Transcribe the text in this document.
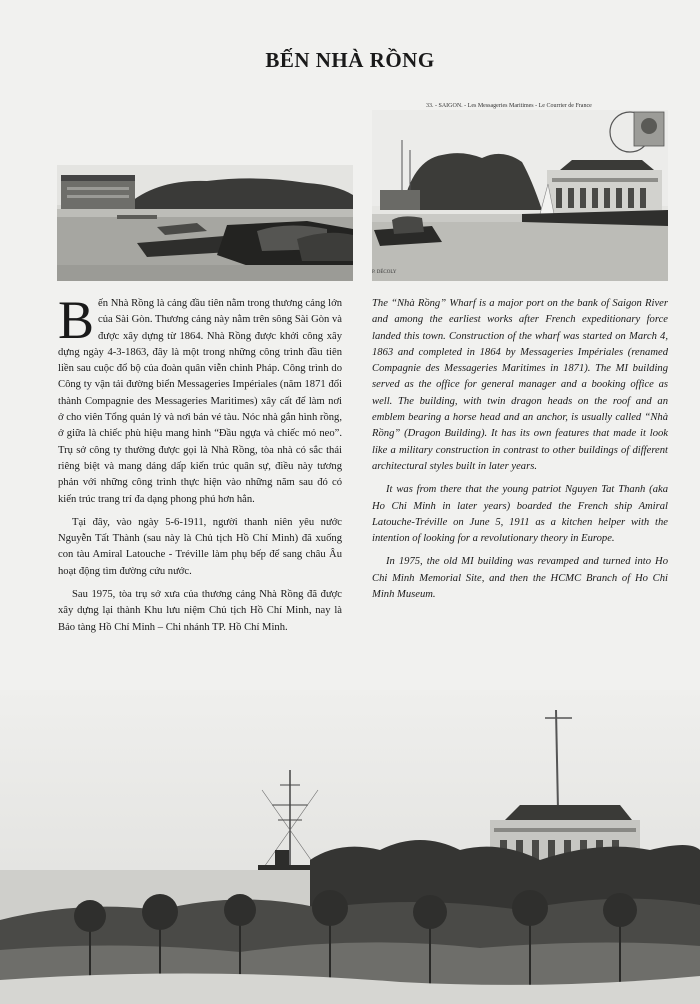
BẾN NHÀ RỒNG
33. - SAIGON. - Les Messageries Maritimes - Le Courrier de France
P. DÉCOLY

Bến Nhà Rồng là cảng đầu tiên nằm trong thương cảng lớn của Sài Gòn. Thương cảng này nằm trên sông Sài Gòn và được xây dựng từ 1864. Nhà Rồng được khởi công xây dựng ngày 4-3-1863, đây là một trong những công trình đầu tiên liền sau cuộc đổ bộ của đoàn quân viễn chinh Pháp. Công trình do Công ty vận tải đường biển Messageries Impériales (năm 1871 đổi thành Compagnie des Messageries Maritimes) xây cất để làm nơi ở cho viên Tổng quản lý và nơi bán vé tàu. Nóc nhà gắn hình rồng, ở giữa là chiếc phù hiệu mang hình “Đầu ngựa và chiếc mỏ neo”. Trụ sở công ty thường được gọi là Nhà Rồng, tòa nhà có sắc thái riêng biệt và mang dáng dấp kiến trúc quân sự, điều này tương phản với những công trình thực hiện vào những năm sau đó có kiến trúc trang trí đa dạng phong phú hơn hẳn.

Tại đây, vào ngày 5-6-1911, người thanh niên yêu nước Nguyễn Tất Thành (sau này là Chủ tịch Hồ Chí Minh) đã xuống con tàu Amiral Latouche - Tréville làm phụ bếp để sang châu Âu hoạt động tìm đường cứu nước.

Sau 1975, tòa trụ sở xưa của thương cảng Nhà Rồng đã được xây dựng lại thành Khu lưu niệm Chủ tịch Hồ Chí Minh, nay là Bảo tàng Hồ Chí Minh – Chi nhánh TP. Hồ Chí Minh.

The “Nhà Rồng” Wharf is a major port on the bank of Saigon River and among the earliest works after French expeditionary force landed this town. Construction of the wharf was started on March 4, 1863 and completed in 1864 by Messageries Impériales (renamed Compagnie des Messageries Maritimes in 1871). The MI building served as the office for general manager and a booking office as well. The building, with twin dragon heads on the roof and an emblem bearing a horse head and an anchor, is usually called “Nhà Rồng” (Dragon Building). It has its own features that made it look like a military construction in contrast to other buildings of different architectural styles built in later years.

It was from there that the young patriot Nguyen Tat Thanh (aka Ho Chi Minh in later years) boarded the French ship Amiral Latouche-Tréville on June 5, 1911 as a kitchen helper with the intention of looking for a revolutionary theory in Europe.

In 1975, the old MI building was revamped and turned into Ho Chi Minh Memorial Site, and then the HCMC Branch of Ho Chi Minh Museum.
